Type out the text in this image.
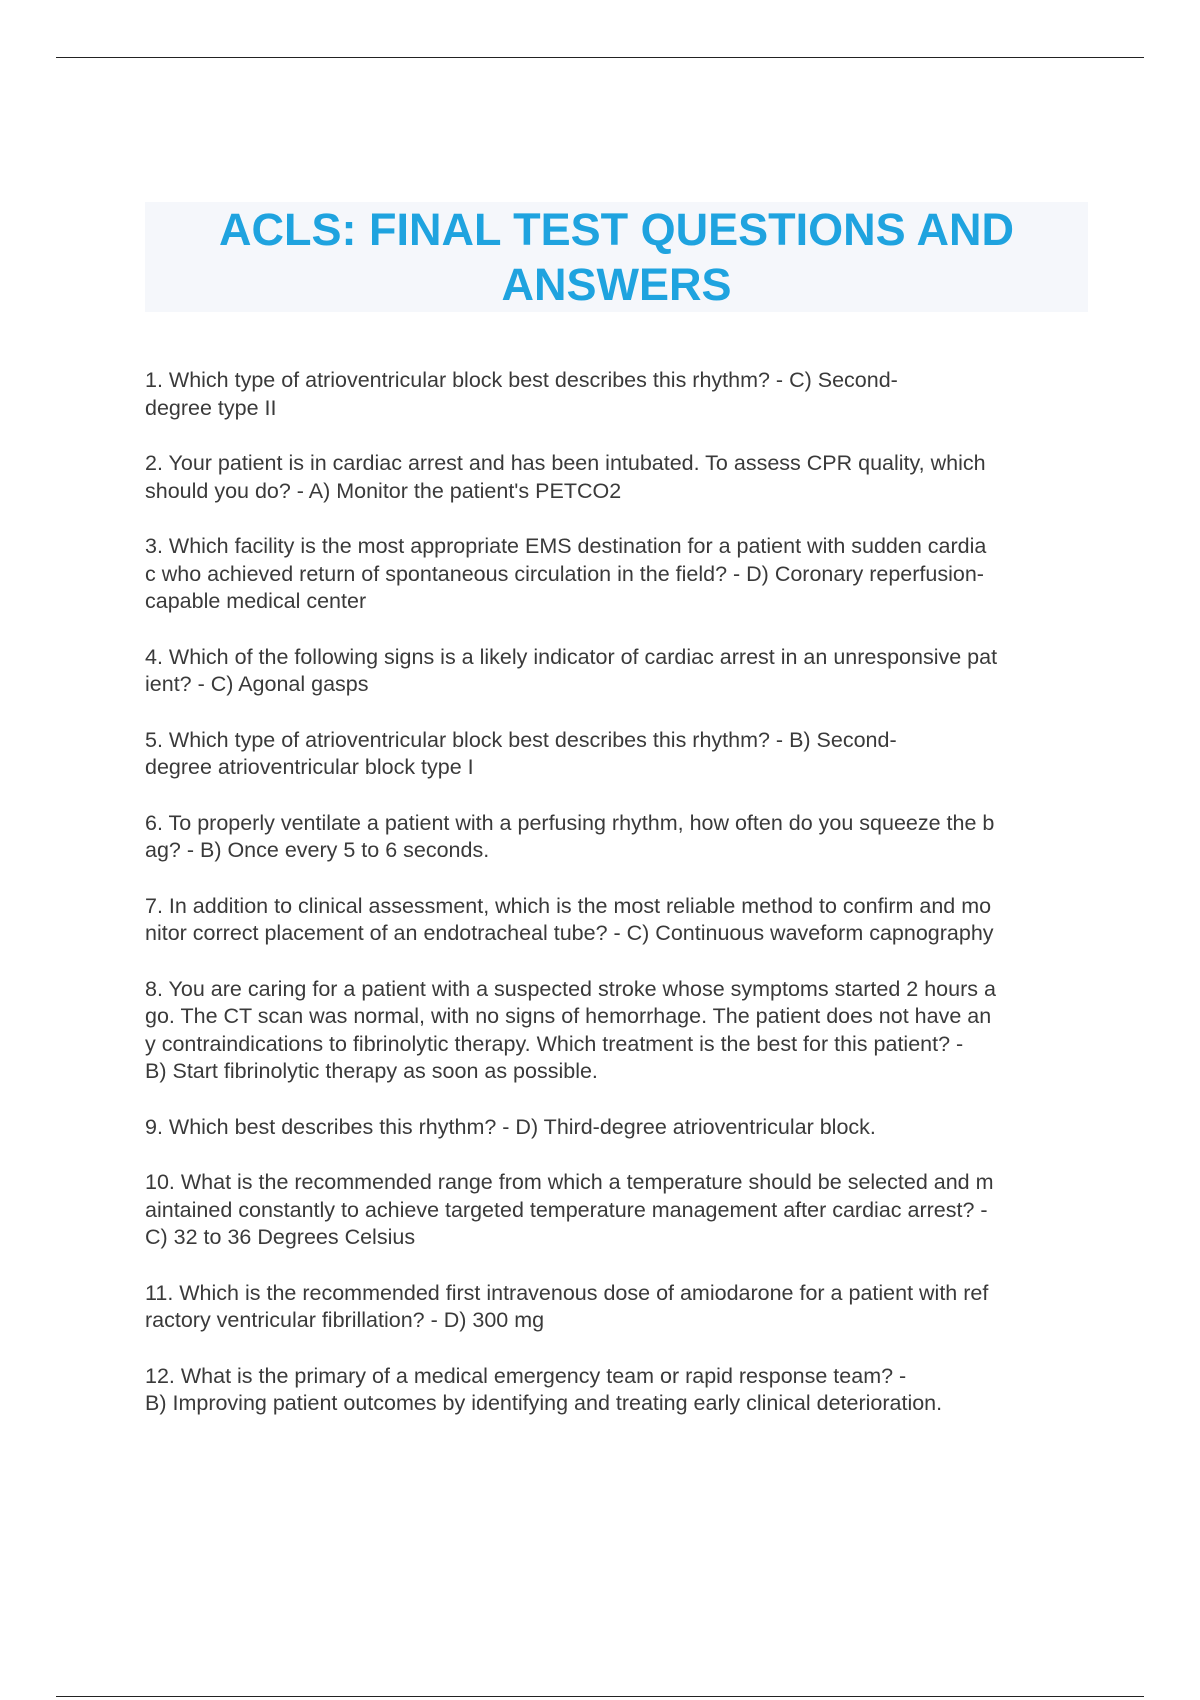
ACLS: FINAL TEST QUESTIONS AND ANSWERS
1. Which type of atrioventricular block best describes this rhythm? - C) Second-
degree type II
2. Your patient is in cardiac arrest and has been intubated. To assess CPR quality, which
should you do? - A) Monitor the patient's PETCO2
3. Which facility is the most appropriate EMS destination for a patient with sudden cardia
c who achieved return of spontaneous circulation in the field? - D) Coronary reperfusion-
capable medical center
4. Which of the following signs is a likely indicator of cardiac arrest in an unresponsive pat
ient? - C) Agonal gasps
5. Which type of atrioventricular block best describes this rhythm? - B) Second-
degree atrioventricular block type I
6. To properly ventilate a patient with a perfusing rhythm, how often do you squeeze the b
ag? - B) Once every 5 to 6 seconds.
7. In addition to clinical assessment, which is the most reliable method to confirm and mo
nitor correct placement of an endotracheal tube? - C) Continuous waveform capnography
8. You are caring for a patient with a suspected stroke whose symptoms started 2 hours a
go. The CT scan was normal, with no signs of hemorrhage. The patient does not have an
y contraindications to fibrinolytic therapy. Which treatment is the best for this patient? -
B) Start fibrinolytic therapy as soon as possible.
9. Which best describes this rhythm? - D) Third-degree atrioventricular block.
10. What is the recommended range from which a temperature should be selected and m
aintained constantly to achieve targeted temperature management after cardiac arrest? -
C) 32 to 36 Degrees Celsius
11. Which is the recommended first intravenous dose of amiodarone for a patient with ref
ractory ventricular fibrillation? - D) 300 mg
12. What is the primary of a medical emergency team or rapid response team? -
B) Improving patient outcomes by identifying and treating early clinical deterioration.
